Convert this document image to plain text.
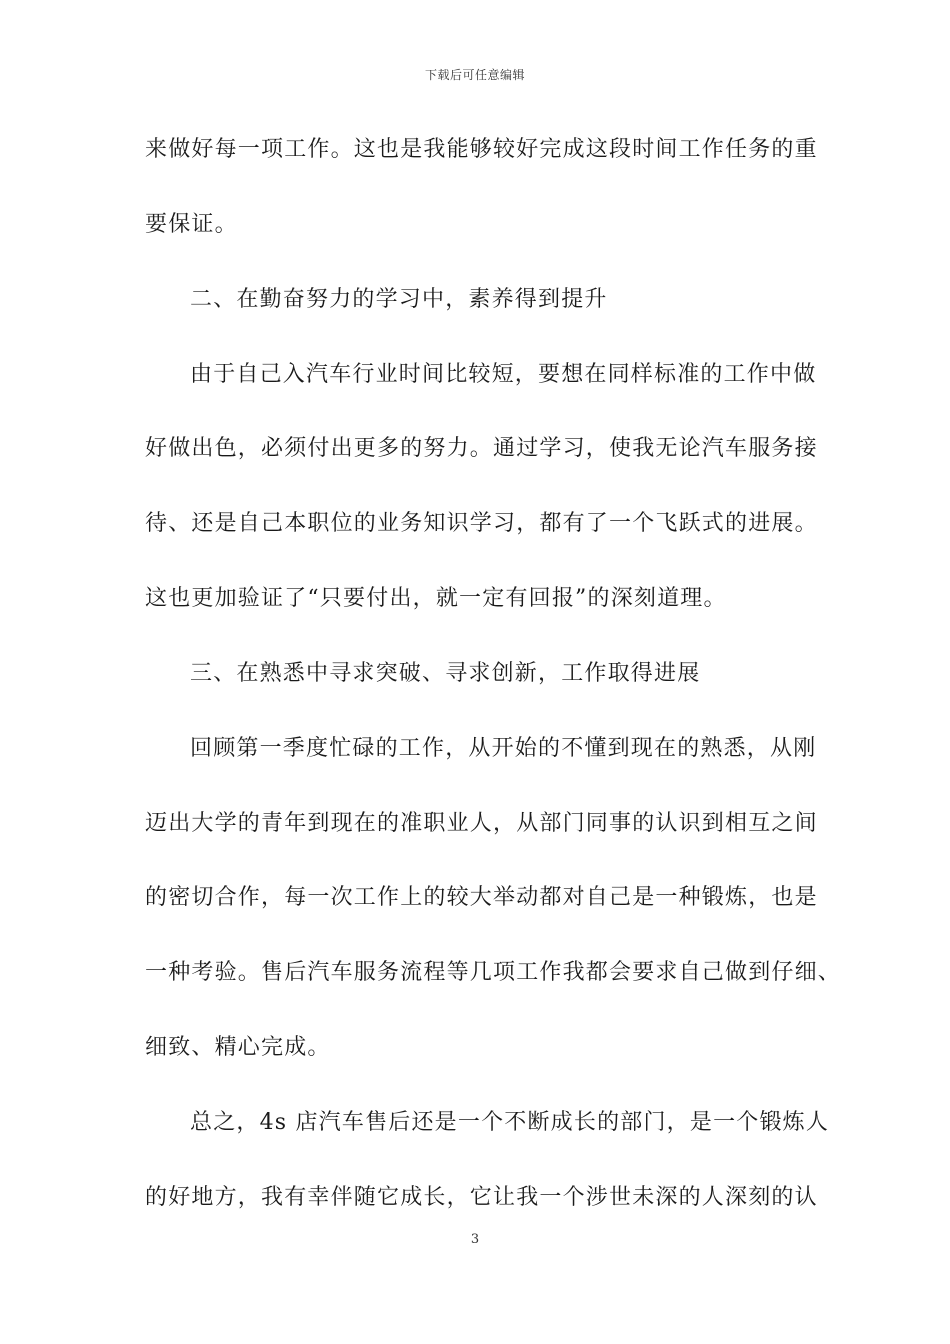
下载后可任意编辑
来做好每一项工作。这也是我能够较好完成这段时间工作任务的重
要保证。
二、在勤奋努力的学习中，素养得到提升
由于自己入汽车行业时间比较短，要想在同样标准的工作中做
好做出色，必须付出更多的努力。通过学习，使我无论汽车服务接
待、还是自己本职位的业务知识学习，都有了一个飞跃式的进展。
这也更加验证了“只要付出，就一定有回报”的深刻道理。
三、在熟悉中寻求突破、寻求创新，工作取得进展
回顾第一季度忙碌的工作，从开始的不懂到现在的熟悉，从刚
迈出大学的青年到现在的准职业人，从部门同事的认识到相互之间
的密切合作，每一次工作上的较大举动都对自己是一种锻炼，也是
一种考验。售后汽车服务流程等几项工作我都会要求自己做到仔细、
细致、精心完成。
总之，4s 店汽车售后还是一个不断成长的部门，是一个锻炼人
的好地方，我有幸伴随它成长，它让我一个涉世未深的人深刻的认
3
